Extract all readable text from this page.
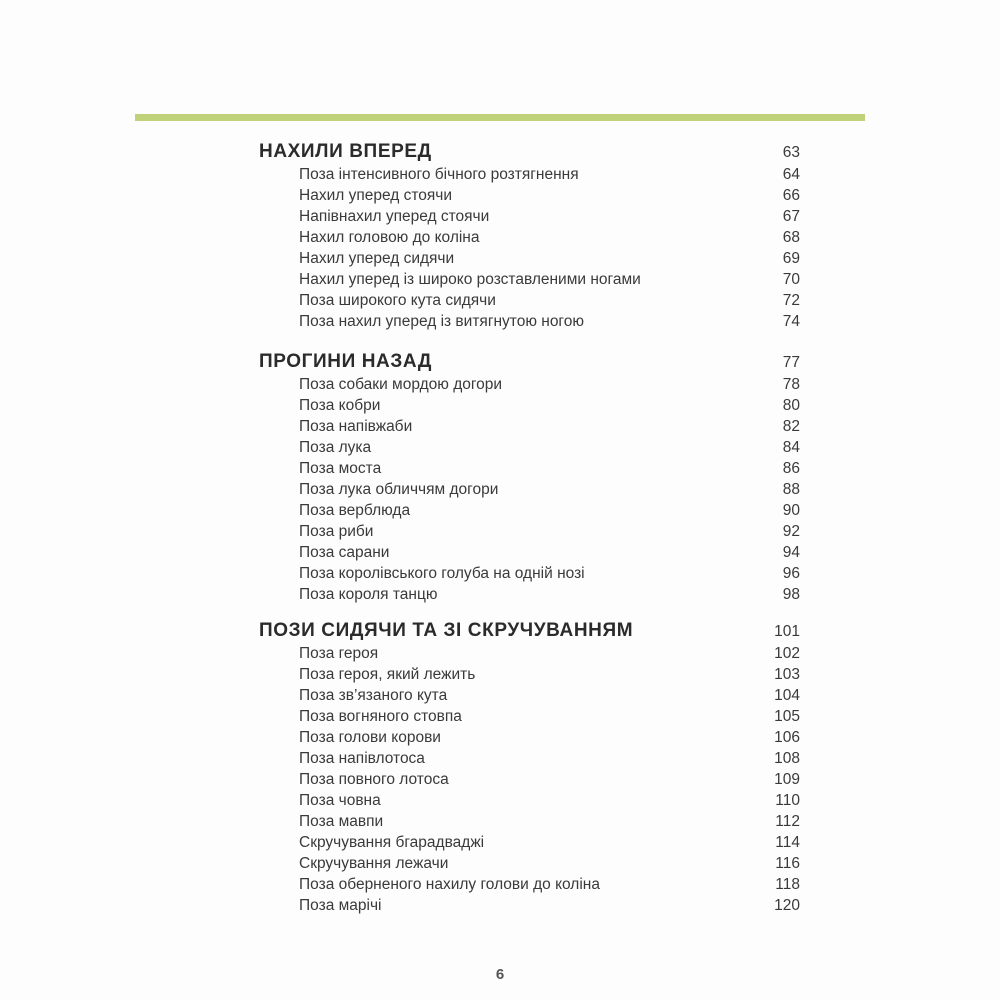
НАХИЛИ ВПЕРЕД	63
Поза інтенсивного бічного розтягнення	64
Нахил уперед стоячи	66
Напівнахил уперед стоячи	67
Нахил головою до коліна	68
Нахил уперед сидячи	69
Нахил уперед із широко розставленими ногами	70
Поза широкого кута сидячи	72
Поза нахил уперед із витягнутою ногою	74
ПРОГИНИ НАЗАД	77
Поза собаки мордою догори	78
Поза кобри	80
Поза напівжаби	82
Поза лука	84
Поза моста	86
Поза лука обличчям догори	88
Поза верблюда	90
Поза риби	92
Поза сарани	94
Поза королівського голуба на одній нозі	96
Поза короля танцю	98
ПОЗИ СИДЯЧИ ТА ЗІ СКРУЧУВАННЯМ	101
Поза героя	102
Поза героя, який лежить	103
Поза зв’язаного кута	104
Поза вогняного стовпа	105
Поза голови корови	106
Поза напівлотоса	108
Поза повного лотоса	109
Поза човна	110
Поза мавпи	112
Скручування бгарадваджі	114
Скручування лежачи	116
Поза оберненого нахилу голови до коліна	118
Поза марічі	120
6
